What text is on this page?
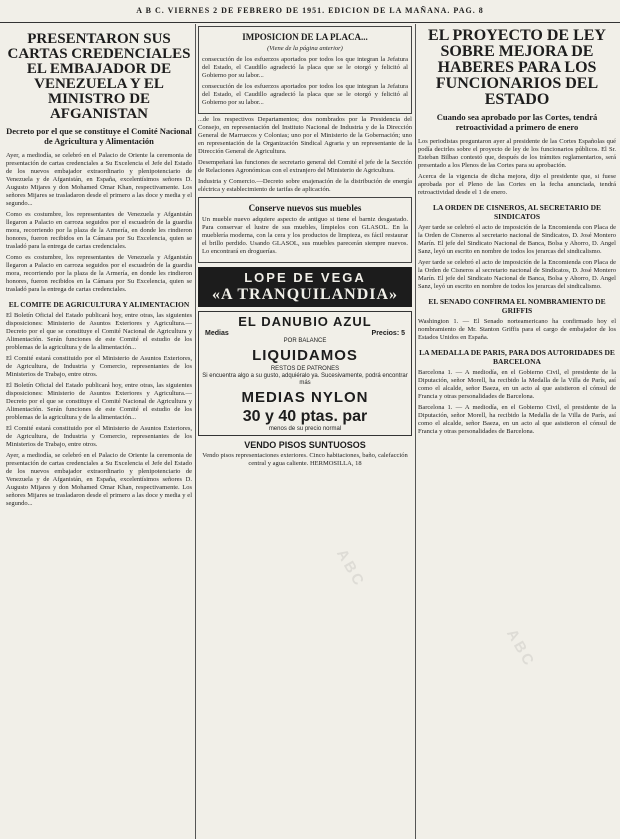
A B C. VIERNES 2 DE FEBRERO DE 1951. EDICION DE LA MAÑANA. PAG. 8
PRESENTARON SUS CARTAS CREDENCIALES EL EMBAJADOR DE VENEZUELA Y EL MINISTRO DE AFGANISTAN
Decreto por el que se constituye el Comité Nacional de Agricultura y Alimentación

Ayer, a mediodía, se celebró en el Palacio de Oriente la ceremonia de presentación de cartas credenciales a Su Excelencia el Jefe del Estado de los nuevos embajador extraordinario y plenipotenciario de Venezuela y de Afganistán, en España, excelentísimos señores D. Augusto Mijares y don Mohamed Omar Khan, respectivamente. Los señores Mijares se trasladaron desde el primero a las doce y media y el segundo...

Como es costumbre, los representantes de Venezuela y Afganistán llegaron a Palacio en carroza seguidos por el escuadrón de la guardia mora, recorriendo por la plaza de la Armería, en donde les rindieron honores, fueron recibidos en la Cámara por Su Excelencia, quien se trasladó para la entrega de cartas credenciales.

Como es costumbre, los representantes de Venezuela y Afganistán llegaron a Palacio en carroza seguidos por el escuadrón de la guardia mora, recorriendo por la plaza de la Armería, en donde les rindieron honores, fueron recibidos en la Cámara por Su Excelencia, quien se trasladó para la entrega de cartas credenciales.

EL COMITE DE AGRICULTURA Y ALIMENTACION

El Boletín Oficial del Estado publicará hoy, entre otras, las siguientes disposiciones: Ministerio de Asuntos Exteriores y Agricultura.—Decreto por el que se constituye el Comité Nacional de Agricultura y Alimentación. Serán funciones de este Comité el estudio de los problemas de la agricultura y de la alimentación...

El Comité estará constituido por el Ministerio de Asuntos Exteriores, de Agricultura, de Industria y Comercio, representantes de los Ministerios de Trabajo, entre otros.

El Boletín Oficial del Estado publicará hoy, entre otras, las siguientes disposiciones: Ministerio de Asuntos Exteriores y Agricultura.—Decreto por el que se constituye el Comité Nacional de Agricultura y Alimentación. Serán funciones de este Comité el estudio de los problemas de la agricultura y de la alimentación...

El Comité estará constituido por el Ministerio de Asuntos Exteriores, de Agricultura, de Industria y Comercio, representantes de los Ministerios de Trabajo, entre otros.

Ayer, a mediodía, se celebró en el Palacio de Oriente la ceremonia de presentación de cartas credenciales a Su Excelencia el Jefe del Estado de los nuevos embajador extraordinario y plenipotenciario de Venezuela y de Afganistán, en España, excelentísimos señores D. Augusto Mijares y don Mohamed Omar Khan, respectivamente. Los señores Mijares se trasladaron desde el primero a las doce y media y el segundo...

IMPOSICION DE LA PLACA...
(Viene de la página anterior)

consecución de los esfuerzos aportados por todos los que integran la Jefatura del Estado, el Caudillo agradeció la placa que se le otorgó y felicitó al Gobierno por su labor...

consecución de los esfuerzos aportados por todos los que integran la Jefatura del Estado, el Caudillo agradeció la placa que se le otorgó y felicitó al Gobierno por su labor...

...de los respectivos Departamentos; dos nombrados por la Presidencia del Consejo, en representación del Instituto Nacional de Industria y de la Dirección General de Marruecos y Colonias; uno por el Ministerio de la Gobernación; uno en representación de la Organización Sindical Agraria y un representante de la Dirección General de Agricultura.

Desempeñará las funciones de secretario general del Comité el jefe de la Sección de Relaciones Agronómicas con el extranjero del Ministerio de Agricultura.

Industria y Comercio.—Decreto sobre enajenación de la distribución de energía eléctrica y establecimiento de tarifas de aplicación.

Conserve nuevos sus muebles

Un mueble nuevo adquiere aspecto de antiguo si tiene el barniz desgastado. Para conservar el lustre de sus muebles, límpielos con GLASOL. En la mueblería moderna, con la cera y los productos de limpieza, es fácil restaurar el brillo perdido. Usando GLASOL, sus muebles parecerán siempre nuevos. Lo encontrará en droguerías.

LOPE DE VEGA
«A TRANQUILANDIA»
EL DANUBIO AZUL
Medias	Precios: 5
POR BALANCE
LIQUIDAMOS
RESTOS DE PATRONES
Si encuentra algo a su gusto, adquiéralo ya. Sucesivamente, podrá encontrar más
MEDIAS NYLON
30 y 40 ptas. par
menos de su precio normal
VENDO PISOS SUNTUOSOS

Vendo pisos representaciones exteriores. Cinco habitaciones, baño, calefacción central y agua caliente. HERMOSILLA, 18

EL PROYECTO DE LEY SOBRE MEJORA DE HABERES PARA LOS FUNCIONARIOS DEL ESTADO
Cuando sea aprobado por las Cortes, tendrá retroactividad a primero de enero

Los periodistas preguntaron ayer al presidente de las Cortes Españolas qué podía decirles sobre el proyecto de ley de los funcionarios públicos. El Sr. Esteban Bilbao contestó que, después de los trámites reglamentarios, será presentado a los Plenos de las Cortes para su aprobación.

Acerca de la vigencia de dicha mejora, dijo el presidente que, si fuese aprobada por el Pleno de las Cortes en la fecha anunciada, tendrá retroactividad desde el 1 de enero.

LA ORDEN DE CISNEROS, AL SECRETARIO DE SINDICATOS

Ayer tarde se celebró el acto de imposición de la Encomienda con Placa de la Orden de Cisneros al secretario nacional de Sindicatos, D. José Montero Marín. El jefe del Sindicato Nacional de Banca, Bolsa y Ahorro, D. Angel Sanz, leyó un escrito en nombre de todos los jerarcas del sindicalismo.

Ayer tarde se celebró el acto de imposición de la Encomienda con Placa de la Orden de Cisneros al secretario nacional de Sindicatos, D. José Montero Marín. El jefe del Sindicato Nacional de Banca, Bolsa y Ahorro, D. Angel Sanz, leyó un escrito en nombre de todos los jerarcas del sindicalismo.

EL SENADO CONFIRMA EL NOMBRAMIENTO DE GRIFFIS

Washington 1. — El Senado norteamericano ha confirmado hoy el nombramiento de Mr. Stanton Griffis para el cargo de embajador de los Estados Unidos en España.

LA MEDALLA DE PARIS, PARA DOS AUTORIDADES DE BARCELONA

Barcelona 1. — A mediodía, en el Gobierno Civil, el presidente de la Diputación, señor Morell, ha recibido la Medalla de la Villa de París, así como el alcalde, señor Baeza, en un acto al que asistieron el cónsul de Francia y otras personalidades de Barcelona.

Barcelona 1. — A mediodía, en el Gobierno Civil, el presidente de la Diputación, señor Morell, ha recibido la Medalla de la Villa de París, así como el alcalde, señor Baeza, en un acto al que asistieron el cónsul de Francia y otras personalidades de Barcelona.

ABC
ABC
